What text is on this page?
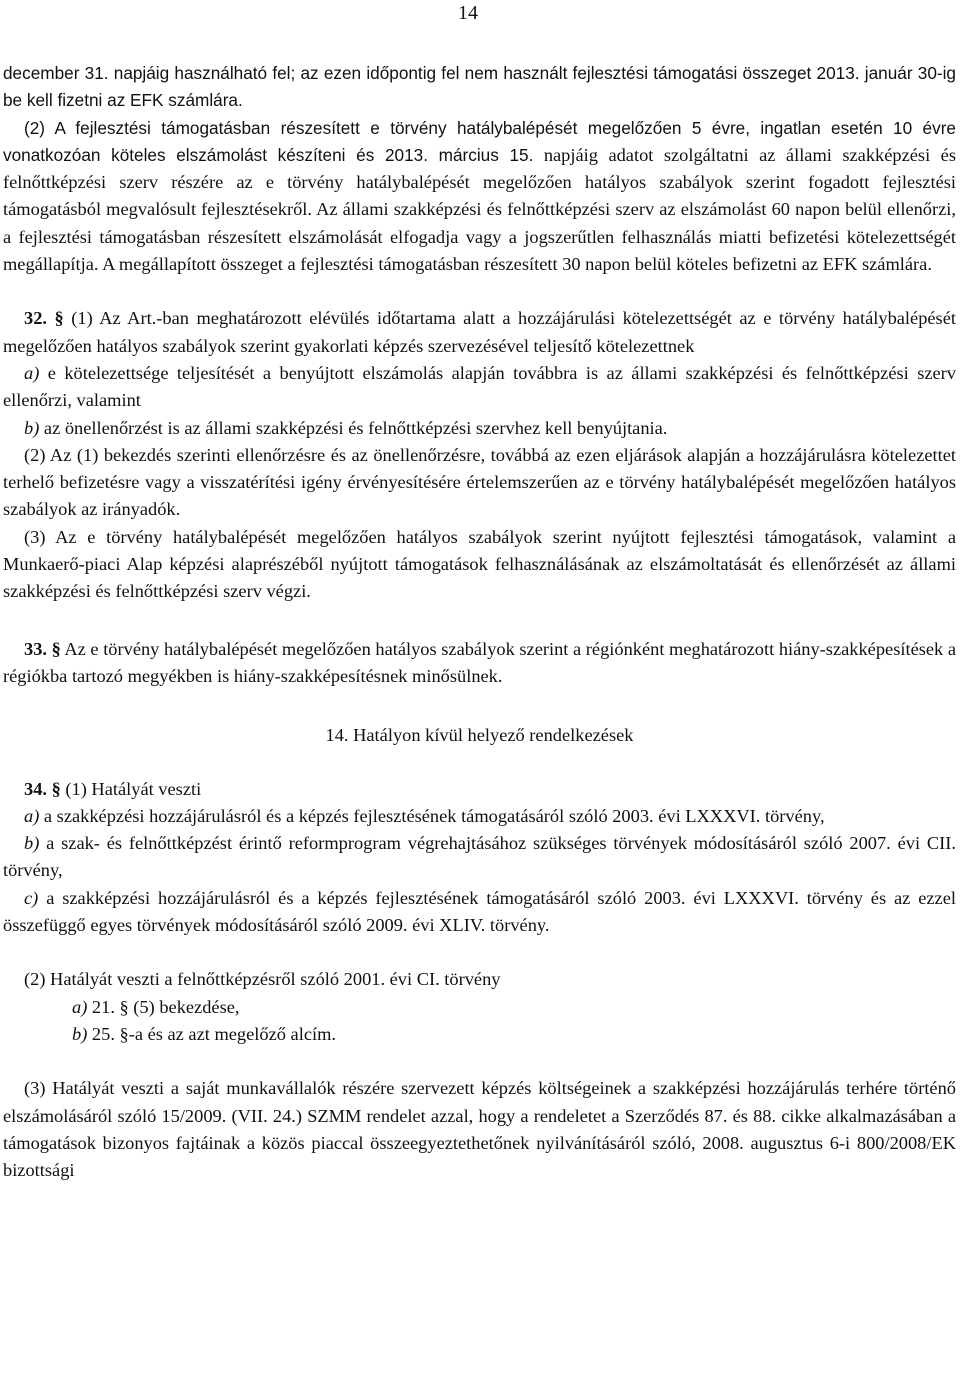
14

december 31. napjáig használható fel; az ezen időpontig fel nem használt fejlesztési támogatási összeget 2013. január 30-ig be kell fizetni az EFK számlára.

(2) A fejlesztési támogatásban részesített e törvény hatálybalépését megelőzően 5 évre, ingatlan esetén 10 évre vonatkozóan köteles elszámolást készíteni és 2013. március 15. napjáig adatot szolgáltatni az állami szakképzési és felnőttképzési szerv részére az e törvény hatálybalépését megelőzően hatályos szabályok szerint fogadott fejlesztési támogatásból megvalósult fejlesztésekről. Az állami szakképzési és felnőttképzési szerv az elszámolást 60 napon belül ellenőrzi, a fejlesztési támogatásban részesített elszámolását elfogadja vagy a jogszerűtlen felhasználás miatti befizetési kötelezettségét megállapítja. A megállapított összeget a fejlesztési támogatásban részesített 30 napon belül köteles befizetni az EFK számlára.

32. § (1) Az Art.-ban meghatározott elévülés időtartama alatt a hozzájárulási kötelezettségét az e törvény hatálybalépését megelőzően hatályos szabályok szerint gyakorlati képzés szervezésével teljesítő kötelezettnek

a) e kötelezettsége teljesítését a benyújtott elszámolás alapján továbbra is az állami szakképzési és felnőttképzési szerv ellenőrzi, valamint

b) az önellenőrzést is az állami szakképzési és felnőttképzési szervhez kell benyújtania.

(2) Az (1) bekezdés szerinti ellenőrzésre és az önellenőrzésre, továbbá az ezen eljárások alapján a hozzájárulásra kötelezettet terhelő befizetésre vagy a visszatérítési igény érvényesítésére értelemszerűen az e törvény hatálybalépését megelőzően hatályos szabályok az irányadók.

(3) Az e törvény hatálybalépését megelőzően hatályos szabályok szerint nyújtott fejlesztési támogatások, valamint a Munkaerő-piaci Alap képzési alaprészéből nyújtott támogatások felhasználásának az elszámoltatását és ellenőrzését az állami szakképzési és felnőttképzési szerv végzi.

33. § Az e törvény hatálybalépését megelőzően hatályos szabályok szerint a régiónként meghatározott hiány-szakképesítések a régiókba tartozó megyékben is hiány-szakképesítésnek minősülnek.

14. Hatályon kívül helyező rendelkezések

34. § (1) Hatályát veszti

a) a szakképzési hozzájárulásról és a képzés fejlesztésének támogatásáról szóló 2003. évi LXXXVI. törvény,

b) a szak- és felnőttképzést érintő reformprogram végrehajtásához szükséges törvények módosításáról szóló 2007. évi CII. törvény,

c) a szakképzési hozzájárulásról és a képzés fejlesztésének támogatásáról szóló 2003. évi LXXXVI. törvény és az ezzel összefüggő egyes törvények módosításáról szóló 2009. évi XLIV. törvény.

(2) Hatályát veszti a felnőttképzésről szóló 2001. évi CI. törvény

a) 21. § (5) bekezdése,

b) 25. §-a és az azt megelőző alcím.

(3) Hatályát veszti a saját munkavállalók részére szervezett képzés költségeinek a szakképzési hozzájárulás terhére történő elszámolásáról szóló 15/2009. (VII. 24.) SZMM rendelet azzal, hogy a rendeletet a Szerződés 87. és 88. cikke alkalmazásában a támogatások bizonyos fajtáinak a közös piaccal összeegyeztethetőnek nyilvánításáról szóló, 2008. augusztus 6-i 800/2008/EK bizottsági
